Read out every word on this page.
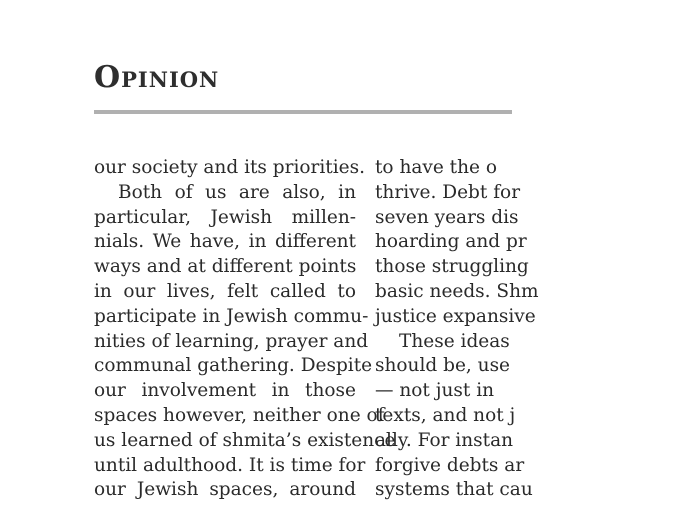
Opinion
our society and its priorities.
Both of us are also, in
particular, Jewish millen-
nials. We have, in different
ways and at different points
in our lives, felt called to
participate in Jewish commu-
nities of learning, prayer and
communal gathering. Despite
our involvement in those
spaces however, neither one of
us learned of shmita’s existence
until adulthood. It is time for
our Jewish spaces, around
to have the o
thrive. Debt for
seven years dis
hoarding and pr
those struggling
basic needs. Shm
justice expansive
These ideas
should be, use
— not just in
texts, and not j
ally. For instan
forgive debts ar
systems that cau
